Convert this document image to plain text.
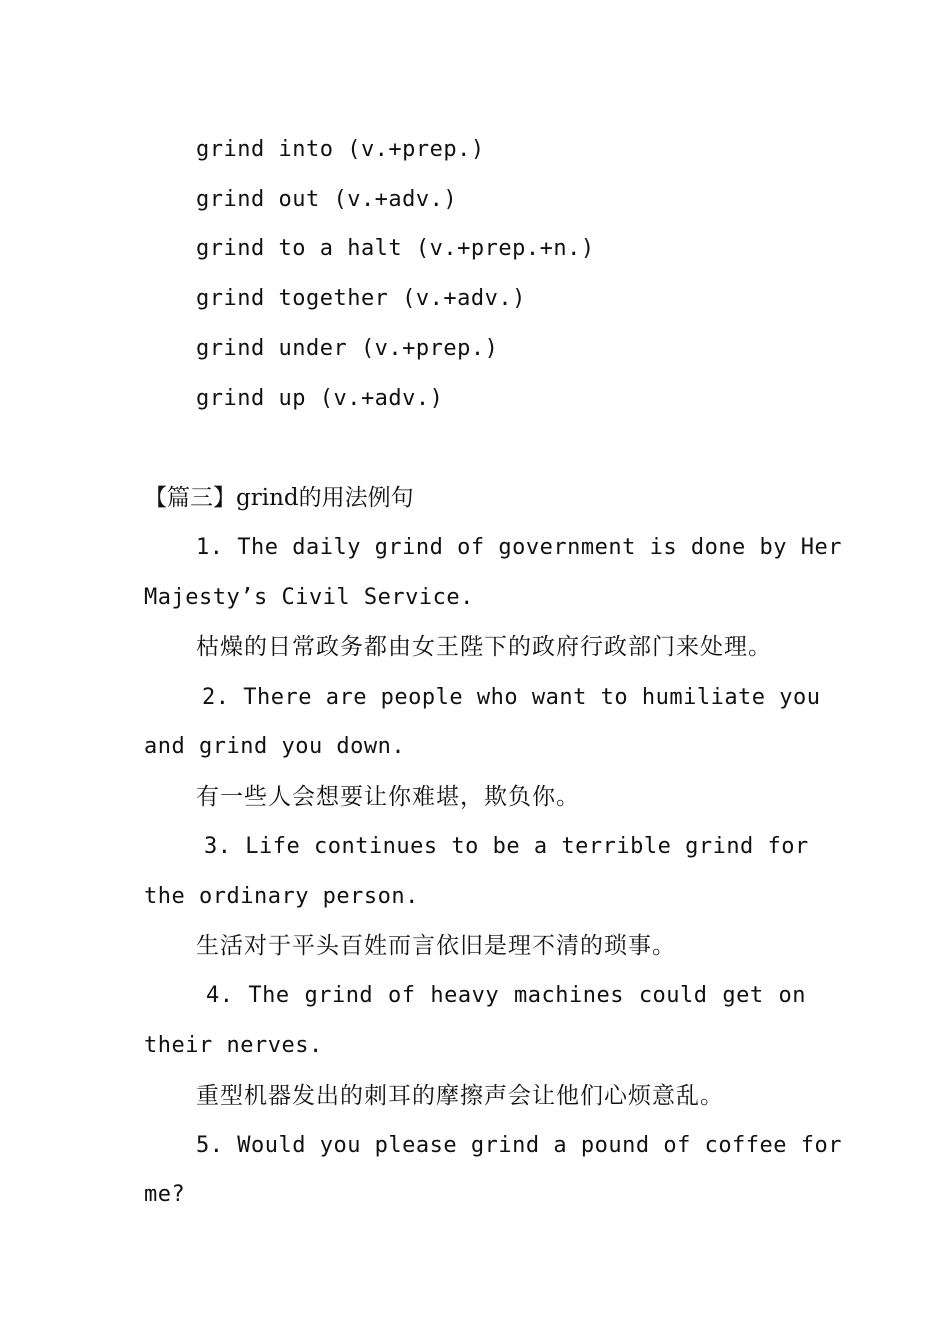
grind into (v.+prep.)
grind out (v.+adv.)
grind to a halt (v.+prep.+n.)
grind together (v.+adv.)
grind under (v.+prep.)
grind up (v.+adv.)
【篇三】grind的用法例句
1. The daily grind of government is done by Her
Majesty’s Civil Service.
枯燥的日常政务都由女王陛下的政府行政部门来处理。
2. There are people who want to humiliate you
and grind you down.
有一些人会想要让你难堪，欺负你。
3. Life continues to be a terrible grind for
the ordinary person.
生活对于平头百姓而言依旧是理不清的琐事。
4. The grind of heavy machines could get on
their nerves.
重型机器发出的刺耳的摩擦声会让他们心烦意乱。
5. Would you please grind a pound of coffee for
me?
